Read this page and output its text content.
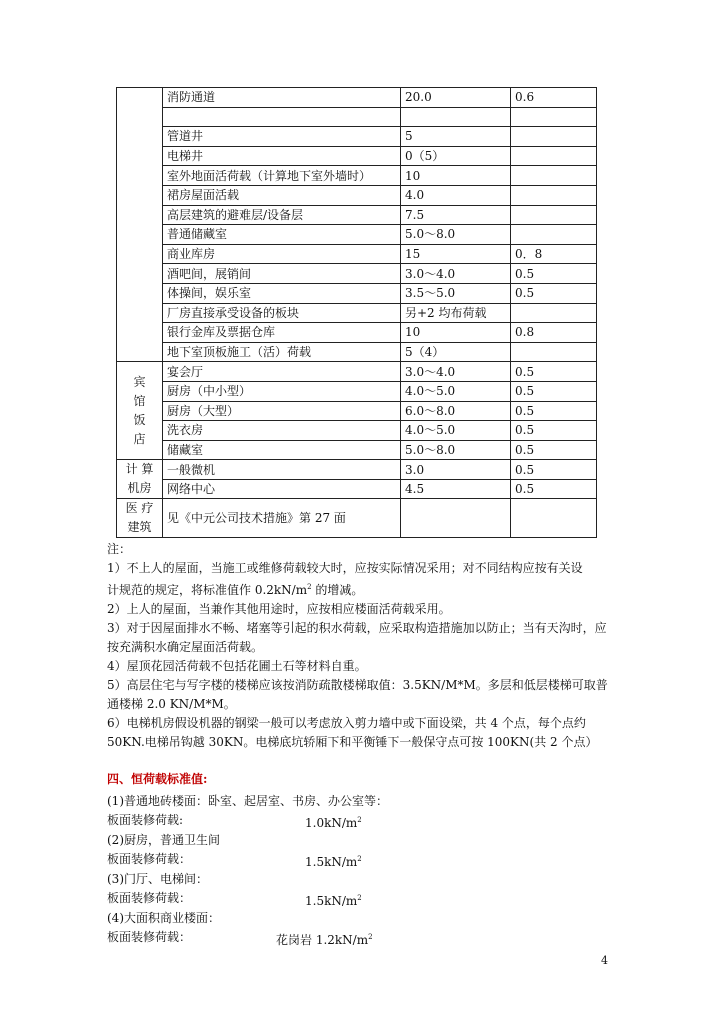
	消防通道	20.0	0.6

	管道井	5	
	电梯井	0（5）	
	室外地面活荷载（计算地下室外墙时）	10	
	裙房屋面活载	4.0	
	高层建筑的避难层/设备层	7.5	
	普通储藏室	5.0～8.0	
	商业库房	15	0．8
	酒吧间，展销间	3.0～4.0	0.5
	体操间，娱乐室	3.5～5.0	0.5
	厂房直接承受设备的板块	另+2 均布荷载	
	银行金库及票据仓库	10	0.8
	地下室顶板施工（活）荷载	5（4）	

宾
馆
饭
店	宴会厅	3.0～4.0	0.5
	厨房（中小型）	4.0～5.0	0.5
	厨房（大型）	6.0～8.0	0.5
	洗衣房	4.0～5.0	0.5
	储藏室	5.0～8.0	0.5

计 算
机房	一般微机	3.0	0.5
	网络中心	4.5	0.5

医 疗
建筑	见《中元公司技术措施》第 27 面		

注：

1）不上人的屋面，当施工或维修荷载较大时，应按实际情况采用；对不同结构应按有关设
计规范的规定，将标准值作 $0.2kN/m^2$ 的增减。

2）上人的屋面，当兼作其他用途时，应按相应楼面活荷载采用。

3）对于因屋面排水不畅、堵塞等引起的积水荷载，应采取构造措施加以防止；当有天沟时，应按充满积水确定屋面活荷载。

4）屋顶花园活荷载不包括花圃土石等材料自重。

5）高层住宅与写字楼的楼梯应该按消防疏散楼梯取值：3.5KN/M*M。多层和低层楼梯可取普通楼梯 2.0 KN/M*M。

6）电梯机房假设机器的钢梁一般可以考虑放入剪力墙中或下面设梁，共 4 个点，每个点约 50KN.电梯吊钩越 30KN。电梯底坑轿厢下和平衡锤下一般保守点可按 100KN(共 2 个点）

四、恒荷载标准值:

(1)普通地砖楼面：卧室、起居室、书房、办公室等：

板面装修荷载:	$1.0kN/m^2$

(2)厨房，普通卫生间

板面装修荷载：	$1.5kN/m^2$

(3)门厅、电梯间：

板面装修荷载：	$1.5kN/m^2$

(4)大面积商业楼面：

板面装修荷载：	花岗岩 $1.2kN/m^2$
4
